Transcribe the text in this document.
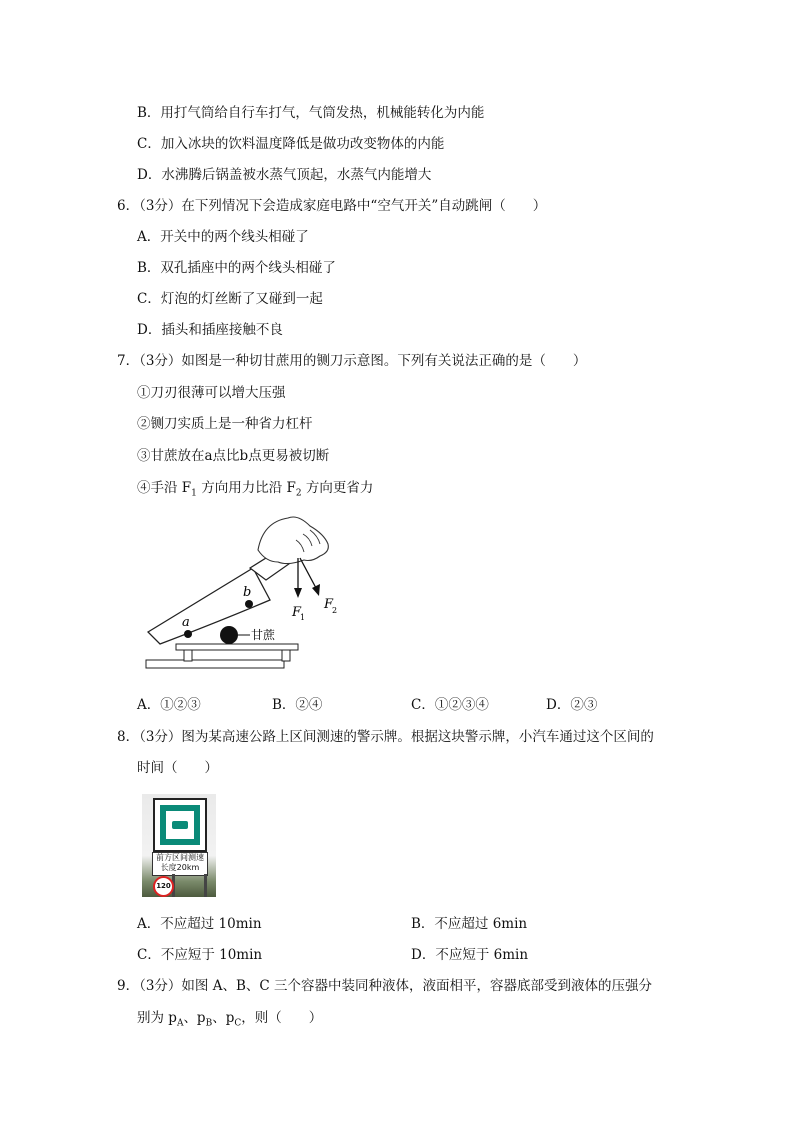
B．用打气筒给自行车打气，气筒发热，机械能转化为内能
C．加入冰块的饮料温度降低是做功改变物体的内能
D．水沸腾后锅盖被水蒸气顶起，水蒸气内能增大
6．（3分）在下列情况下会造成家庭电路中“空气开关”自动跳闸（　　）
A．开关中的两个线头相碰了
B．双孔插座中的两个线头相碰了
C．灯泡的灯丝断了又碰到一起
D．插头和插座接触不良
7．（3分）如图是一种切甘蔗用的铡刀示意图。下列有关说法正确的是（　　）
①刀刃很薄可以增大压强
②铡刀实质上是一种省力杠杆
③甘蔗放在a点比b点更易被切断
④手沿 $F_1$ 方向用力比沿 $F_2$ 方向更省力
a
b
甘蔗
F
1
F
2
A．①②③	B．②④	C．①②③④	D．②③
8．（3分）图为某高速公路上区间测速的警示牌。根据这块警示牌，小汽车通过这个区间的
时间（　　）
前方区间测速
长度20km
120
A．不应超过 10min	B．不应超过 6min
C．不应短于 10min	D．不应短于 6min
9．（3分）如图 A、B、C 三个容器中装同种液体，液面相平，容器底部受到液体的压强分
别为 $p_A$、$p_B$、$p_C$，则（　　）
